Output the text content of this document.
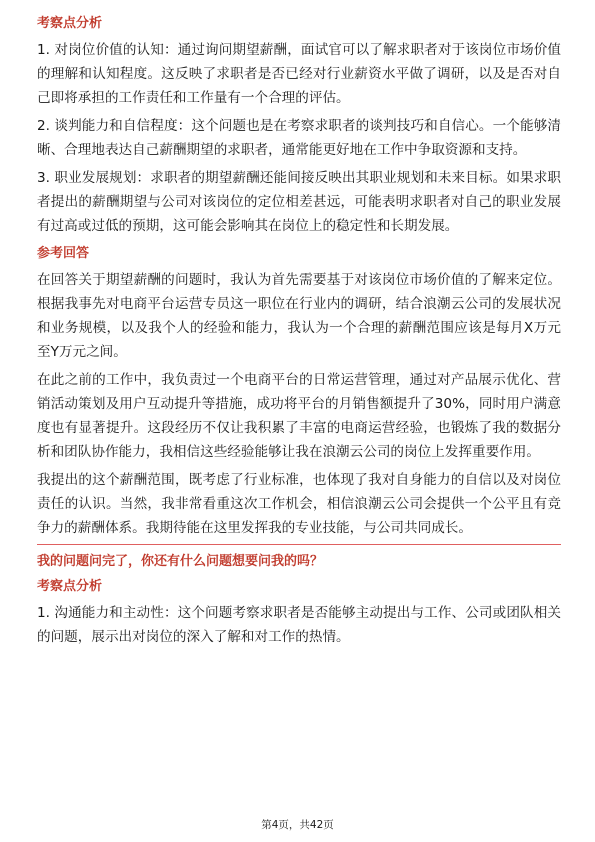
考察点分析

1. 对岗位价值的认知：通过询问期望薪酬，面试官可以了解求职者对于该岗位市场价值的理解和认知程度。这反映了求职者是否已经对行业薪资水平做了调研，以及是否对自己即将承担的工作责任和工作量有一个合理的评估。

2. 谈判能力和自信程度：这个问题也是在考察求职者的谈判技巧和自信心。一个能够清晰、合理地表达自己薪酬期望的求职者，通常能更好地在工作中争取资源和支持。

3. 职业发展规划：求职者的期望薪酬还能间接反映出其职业规划和未来目标。如果求职者提出的薪酬期望与公司对该岗位的定位相差甚远，可能表明求职者对自己的职业发展有过高或过低的预期，这可能会影响其在岗位上的稳定性和长期发展。

参考回答

在回答关于期望薪酬的问题时，我认为首先需要基于对该岗位市场价值的了解来定位。根据我事先对电商平台运营专员这一职位在行业内的调研，结合浪潮云公司的发展状况和业务规模，以及我个人的经验和能力，我认为一个合理的薪酬范围应该是每月X万元至Y万元之间。

在此之前的工作中，我负责过一个电商平台的日常运营管理，通过对产品展示优化、营销活动策划及用户互动提升等措施，成功将平台的月销售额提升了30%，同时用户满意度也有显著提升。这段经历不仅让我积累了丰富的电商运营经验，也锻炼了我的数据分析和团队协作能力，我相信这些经验能够让我在浪潮云公司的岗位上发挥重要作用。

我提出的这个薪酬范围，既考虑了行业标准，也体现了我对自身能力的自信以及对岗位责任的认识。当然，我非常看重这次工作机会，相信浪潮云公司会提供一个公平且有竞争力的薪酬体系。我期待能在这里发挥我的专业技能，与公司共同成长。

我的问题问完了，你还有什么问题想要问我的吗？
考察点分析

1. 沟通能力和主动性：这个问题考察求职者是否能够主动提出与工作、公司或团队相关的问题，展示出对岗位的深入了解和对工作的热情。

第4页，共42页
